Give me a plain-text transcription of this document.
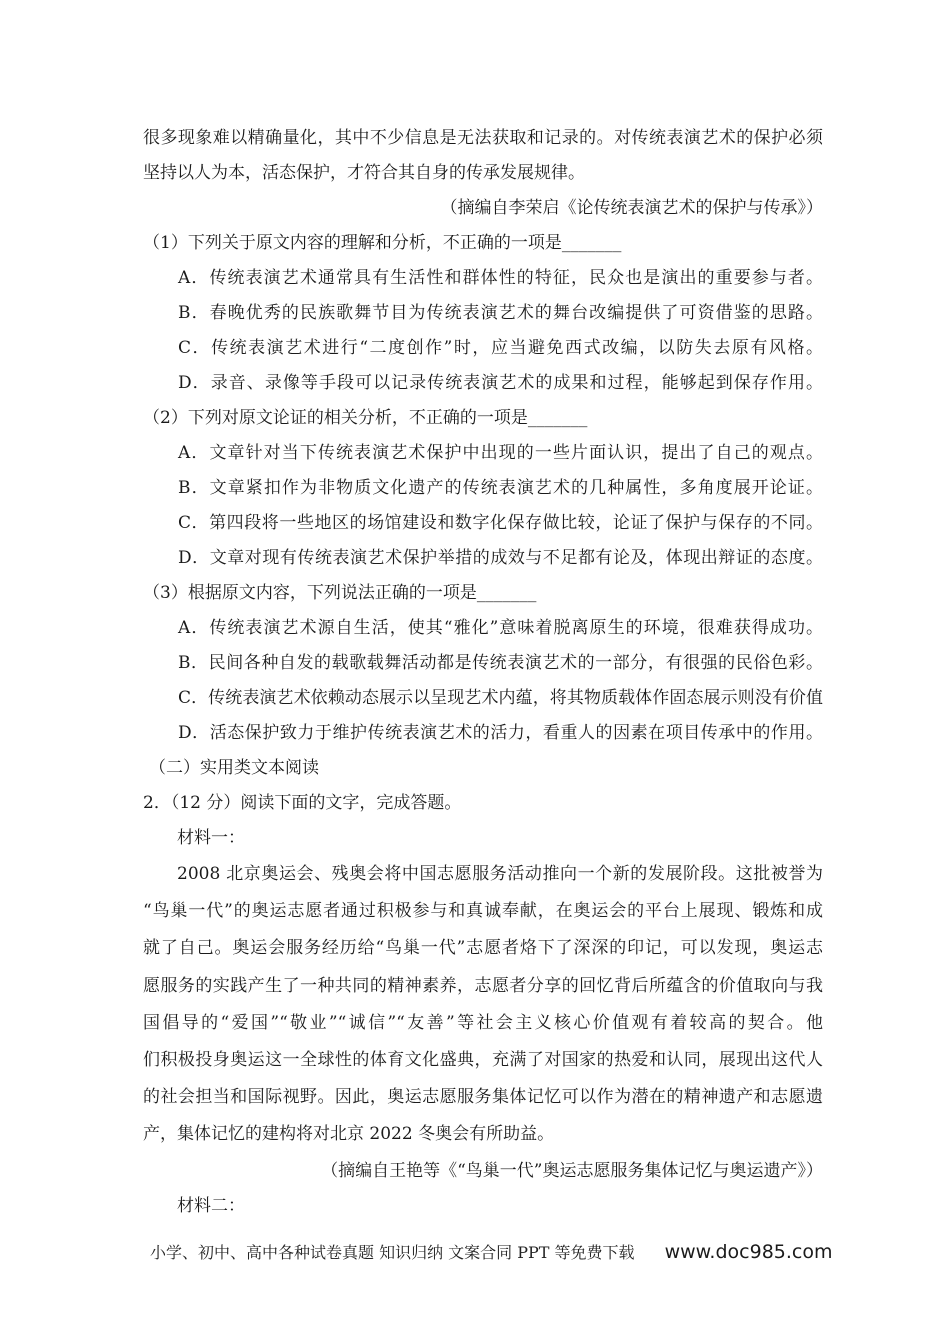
很多现象难以精确量化，其中不少信息是无法获取和记录的。对传统表演艺术的保护必须
坚持以人为本，活态保护，才符合其自身的传承发展规律。
（摘编自李荣启《论传统表演艺术的保护与传承》）
（1）下列关于原文内容的理解和分析，不正确的一项是_______
A．传统表演艺术通常具有生活性和群体性的特征，民众也是演出的重要参与者。
B．春晚优秀的民族歌舞节目为传统表演艺术的舞台改编提供了可资借鉴的思路。
C．传统表演艺术进行“二度创作”时，应当避免西式改编，以防失去原有风格。
D．录音、录像等手段可以记录传统表演艺术的成果和过程，能够起到保存作用。
（2）下列对原文论证的相关分析，不正确的一项是_______
A．文章针对当下传统表演艺术保护中出现的一些片面认识，提出了自己的观点。
B．文章紧扣作为非物质文化遗产的传统表演艺术的几种属性，多角度展开论证。
C．第四段将一些地区的场馆建设和数字化保存做比较，论证了保护与保存的不同。
D．文章对现有传统表演艺术保护举措的成效与不足都有论及，体现出辩证的态度。
（3）根据原文内容，下列说法正确的一项是_______
A．传统表演艺术源自生活，使其“雅化”意味着脱离原生的环境，很难获得成功。
B．民间各种自发的载歌载舞活动都是传统表演艺术的一部分，有很强的民俗色彩。
C．传统表演艺术依赖动态展示以呈现艺术内蕴，将其物质载体作固态展示则没有价值
D．活态保护致力于维护传统表演艺术的活力，看重人的因素在项目传承中的作用。
（二）实用类文本阅读
2．（12 分）阅读下面的文字，完成答题。
材料一：
2008 北京奥运会、残奥会将中国志愿服务活动推向一个新的发展阶段。这批被誉为
“鸟巢一代”的奥运志愿者通过积极参与和真诚奉献，在奥运会的平台上展现、锻炼和成
就了自己。奥运会服务经历给“鸟巢一代”志愿者烙下了深深的印记，可以发现，奥运志
愿服务的实践产生了一种共同的精神素养，志愿者分享的回忆背后所蕴含的价值取向与我
国倡导的“爱国”“敬业”“诚信”“友善”等社会主义核心价值观有着较高的契合。他
们积极投身奥运这一全球性的体育文化盛典，充满了对国家的热爱和认同，展现出这代人
的社会担当和国际视野。因此，奥运志愿服务集体记忆可以作为潜在的精神遗产和志愿遗
产，集体记忆的建构将对北京 2022 冬奥会有所助益。
（摘编自王艳等《“鸟巢一代”奥运志愿服务集体记忆与奥运遗产》）
材料二：
小学、初中、高中各种试卷真题 知识归纳 文案合同 PPT 等免费下载 www.doc985.com
